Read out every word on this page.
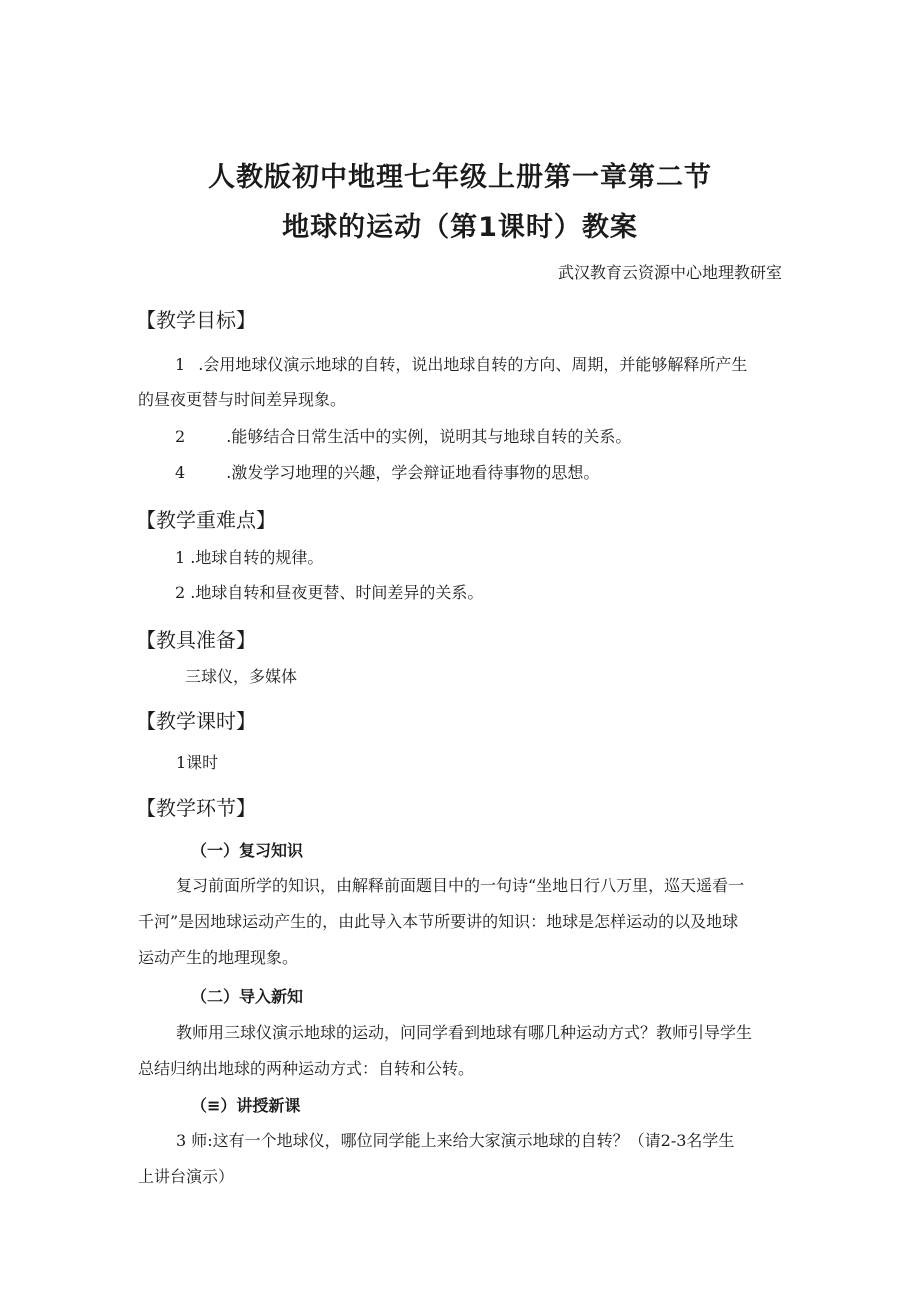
人教版初中地理七年级上册第一章第二节
地球的运动（第1课时）教案
武汉教育云资源中心地理教研室
【教学目标】
1 .会用地球仪演示地球的自转，说出地球自转的方向、周期，并能够解释所产生
的昼夜更替与时间差异现象。
2	.能够结合日常生活中的实例，说明其与地球自转的关系。
4	.激发学习地理的兴趣，学会辩证地看待事物的思想。
【教学重难点】
1 .地球自转的规律。
2 .地球自转和昼夜更替、时间差异的关系。
【教具准备】
三球仪，多媒体
【教学课时】
1课时
【教学环节】
（一）复习知识
复习前面所学的知识，由解释前面题目中的一句诗“坐地日行八万里，巡天遥看一
千河”是因地球运动产生的，由此导入本节所要讲的知识：地球是怎样运动的以及地球
运动产生的地理现象。
（二）导入新知
教师用三球仪演示地球的运动，问同学看到地球有哪几种运动方式？教师引导学生
总结归纳出地球的两种运动方式：自转和公转。
（≡）讲授新课
3 师:这有一个地球仪，哪位同学能上来给大家演示地球的自转？（请2-3名学生
上讲台演示）
